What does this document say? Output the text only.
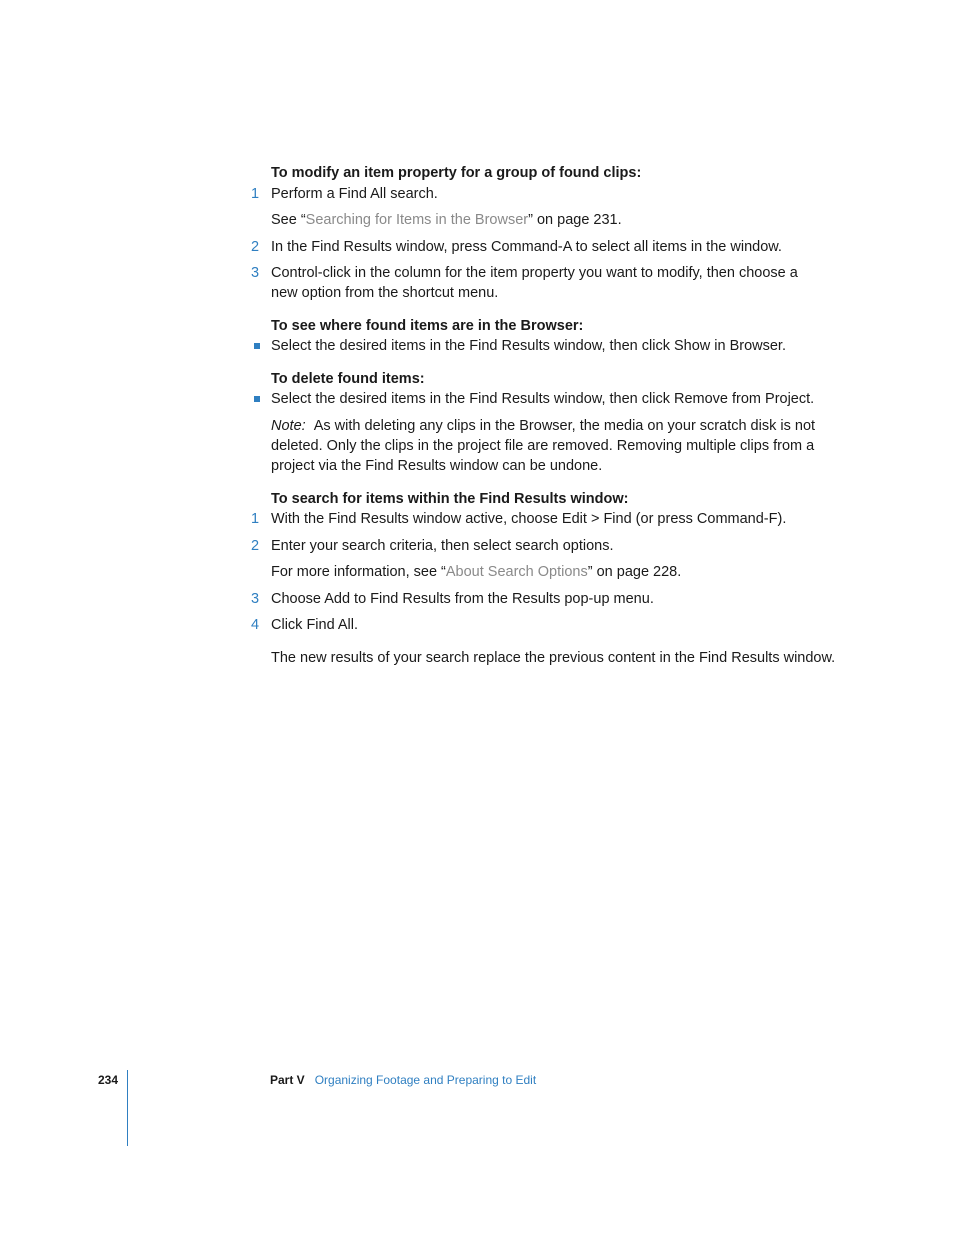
To modify an item property for a group of found clips:
1 Perform a Find All search.
See “Searching for Items in the Browser” on page 231.
2 In the Find Results window, press Command-A to select all items in the window.
3 Control-click in the column for the item property you want to modify, then choose a
new option from the shortcut menu.
To see where found items are in the Browser:
Select the desired items in the Find Results window, then click Show in Browser.
To delete found items:
Select the desired items in the Find Results window, then click Remove from Project.
Note: As with deleting any clips in the Browser, the media on your scratch disk is not
deleted. Only the clips in the project file are removed. Removing multiple clips from a
project via the Find Results window can be undone.
To search for items within the Find Results window:
1 With the Find Results window active, choose Edit > Find (or press Command-F).
2 Enter your search criteria, then select search options.
For more information, see “About Search Options” on page 228.
3 Choose Add to Find Results from the Results pop-up menu.
4 Click Find All.
The new results of your search replace the previous content in the Find Results window.
234	Part V Organizing Footage and Preparing to Edit
